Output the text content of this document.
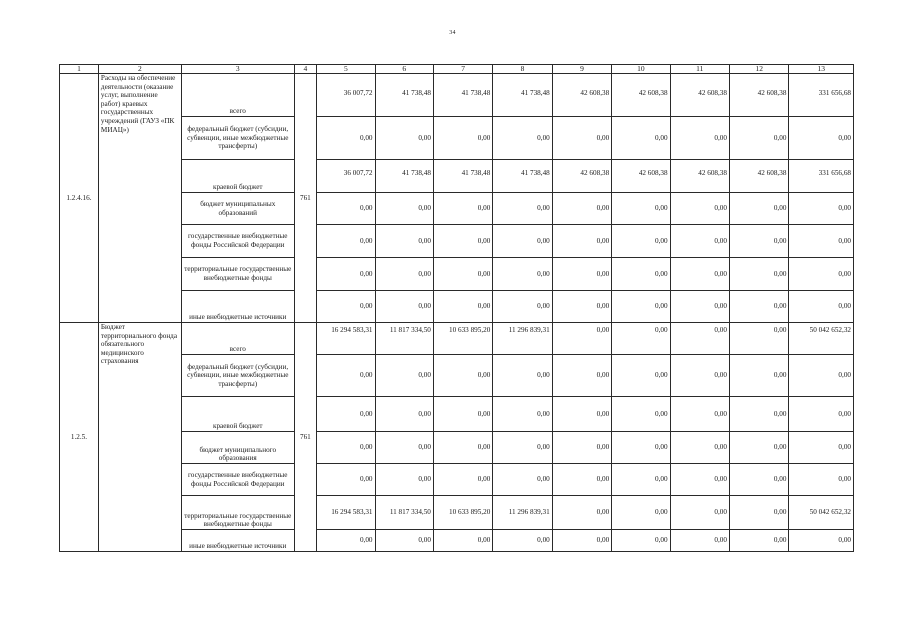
34
1	2	3	4	5	6	7	8	9	10	11	12	13
1.2.4.16.	Расходы на обеспечение деятельности (оказание услуг, выполнение работ) краевых государственных учреждений (ГАУЗ «ПК МИАЦ»)	всего	761	36 007,72	41 738,48	41 738,48	41 738,48	42 608,38	42 608,38	42 608,38	42 608,38	331 656,68
		федеральный бюджет (субсидии, субвенции, иные межбюджетные трансферты)		0,00	0,00	0,00	0,00	0,00	0,00	0,00	0,00	0,00
		краевой бюджет		36 007,72	41 738,48	41 738,48	41 738,48	42 608,38	42 608,38	42 608,38	42 608,38	331 656,68
		бюджет муниципальных образований		0,00	0,00	0,00	0,00	0,00	0,00	0,00	0,00	0,00
		государственные внебюджетные фонды Российской Федерации		0,00	0,00	0,00	0,00	0,00	0,00	0,00	0,00	0,00
		территориальные государственные внебюджетные фонды		0,00	0,00	0,00	0,00	0,00	0,00	0,00	0,00	0,00
		иные внебюджетные источники		0,00	0,00	0,00	0,00	0,00	0,00	0,00	0,00	0,00
1.2.5.	Бюджет территориального фонда обязательного медицинского страхования	всего	761	16 294 583,31	11 817 334,50	10 633 895,20	11 296 839,31	0,00	0,00	0,00	0,00	50 042 652,32
		федеральный бюджет (субсидии, субвенции, иные межбюджетные трансферты)		0,00	0,00	0,00	0,00	0,00	0,00	0,00	0,00	0,00
		краевой бюджет		0,00	0,00	0,00	0,00	0,00	0,00	0,00	0,00	0,00
		бюджет муниципального образования		0,00	0,00	0,00	0,00	0,00	0,00	0,00	0,00	0,00
		государственные внебюджетные фонды Российской Федерации		0,00	0,00	0,00	0,00	0,00	0,00	0,00	0,00	0,00
		территориальные государственные внебюджетные фонды		16 294 583,31	11 817 334,50	10 633 895,20	11 296 839,31	0,00	0,00	0,00	0,00	50 042 652,32
		иные внебюджетные источники		0,00	0,00	0,00	0,00	0,00	0,00	0,00	0,00	0,00
